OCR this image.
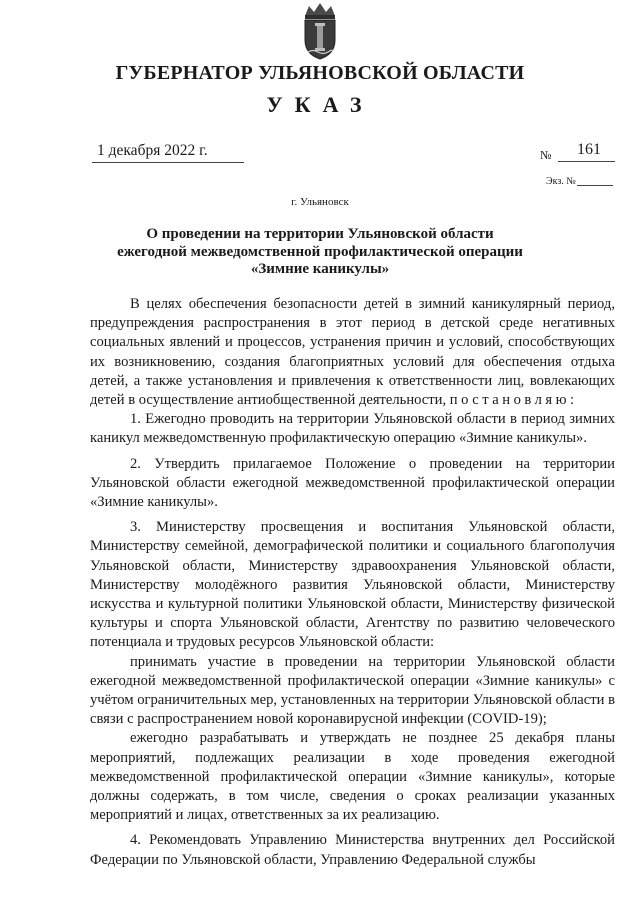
ГУБЕРНАТОР УЛЬЯНОВСКОЙ ОБЛАСТИ
УКАЗ
1 декабря 2022 г.	№ 161
Экз. №
г. Ульяновск
О проведении на территории Ульяновской области
ежегодной межведомственной профилактической операции
«Зимние каникулы»

В целях обеспечения безопасности детей в зимний каникулярный период, предупреждения распространения в этот период в детской среде негативных социальных явлений и процессов, устранения причин и условий, способствующих их возникновению, создания благоприятных условий для обеспечения отдыха детей, а также установления и привлечения к ответственности лиц, вовлекающих детей в осуществление антиобщественной деятельности, постановляю:

1. Ежегодно проводить на территории Ульяновской области в период зимних каникул межведомственную профилактическую операцию «Зимние каникулы».

2. Утвердить прилагаемое Положение о проведении на территории Ульяновской области ежегодной межведомственной профилактической операции «Зимние каникулы».

3. Министерству просвещения и воспитания Ульяновской области, Министерству семейной, демографической политики и социального благополучия Ульяновской области, Министерству здравоохранения Ульяновской области, Министерству молодёжного развития Ульяновской области, Министерству искусства и культурной политики Ульяновской области, Министерству физической культуры и спорта Ульяновской области, Агентству по развитию человеческого потенциала и трудовых ресурсов Ульяновской области:

принимать участие в проведении на территории Ульяновской области ежегодной межведомственной профилактической операции «Зимние каникулы» с учётом ограничительных мер, установленных на территории Ульяновской области в связи с распространением новой коронавирусной инфекции (COVID-19);

ежегодно разрабатывать и утверждать не позднее 25 декабря планы мероприятий, подлежащих реализации в ходе проведения ежегодной межведомственной профилактической операции «Зимние каникулы», которые должны содержать, в том числе, сведения о сроках реализации указанных мероприятий и лицах, ответственных за их реализацию.

4. Рекомендовать Управлению Министерства внутренних дел Российской Федерации по Ульяновской области, Управлению Федеральной службы
